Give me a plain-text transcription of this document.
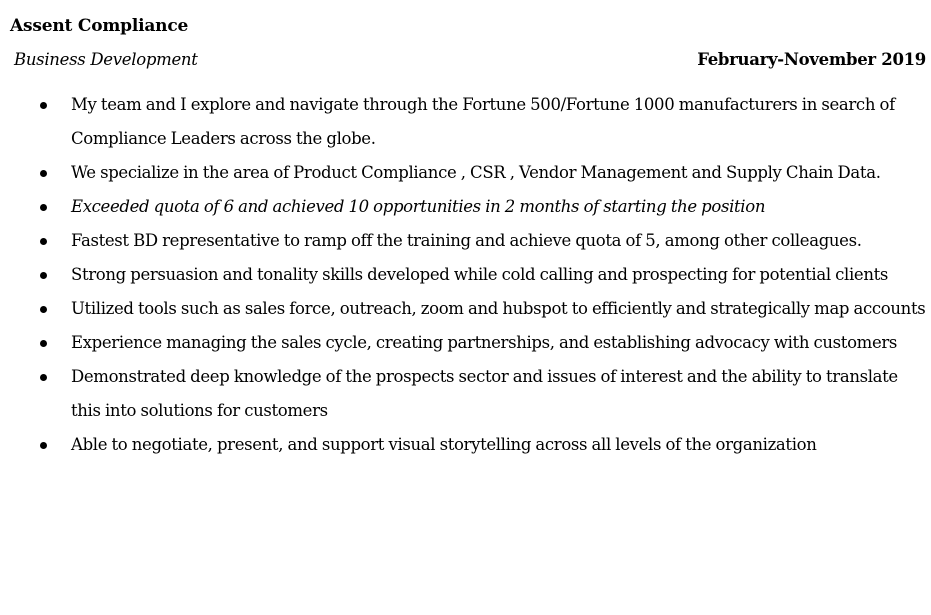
Assent Compliance
Business Development	February-November 2019
My team and I explore and navigate through the Fortune 500/Fortune 1000 manufacturers in search of Compliance Leaders across the globe.
We specialize in the area of Product Compliance , CSR , Vendor Management and Supply Chain Data.
Exceeded quota of 6 and achieved 10 opportunities in 2 months of starting the position
Fastest BD representative to ramp off the training and achieve quota of 5, among other colleagues.
Strong persuasion and tonality skills developed while cold calling and prospecting for potential clients
Utilized tools such as sales force, outreach, zoom and hubspot to efficiently and strategically map accounts
Experience managing the sales cycle, creating partnerships, and establishing advocacy with customers
Demonstrated deep knowledge of the prospects sector and issues of interest and the ability to translate this into solutions for customers
Able to negotiate, present, and support visual storytelling across all levels of the organization
